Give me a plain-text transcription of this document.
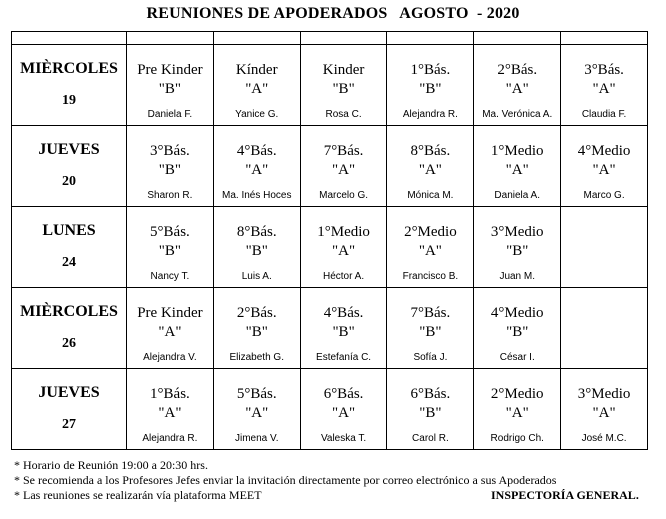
REUNIONES DE APODERADOS   AGOSTO  - 2020

MIÈRCOLES
19	Pre Kinder
"B"
Daniela F.	Kínder
"A"
Yanice G.	Kinder
"B"
Rosa C.	1°Bás.
"B"
Alejandra R.	2°Bás.
"A"
Ma. Verónica A.	3°Bás.
"A"
Claudia F.

JUEVES
20	3°Bás.
"B"
Sharon R.	4°Bás.
"A"
Ma. Inés Hoces	7°Bás.
"A"
Marcelo G.	8°Bás.
"A"
Mónica M.	1°Medio
"A"
Daniela A.	4°Medio
"A"
Marco G.

LUNES
24	5°Bás.
"B"
Nancy T.	8°Bás.
"B"
Luis A.	1°Medio
"A"
Héctor A.	2°Medio
"A"
Francisco B.	3°Medio
"B"
Juan M.	

MIÈRCOLES
26	Pre Kinder
"A"
Alejandra V.	2°Bás.
"B"
Elizabeth G.	4°Bás.
"B"
Estefanía C.	7°Bás.
"B"
Sofía J.	4°Medio
"B"
César I.	

JUEVES
27	1°Bás.
"A"
Alejandra R.	5°Bás.
"A"
Jimena V.	6°Bás.
"A"
Valeska T.	6°Bás.
"B"
Carol R.	2°Medio
"A"
Rodrigo Ch.	3°Medio
"A"
José M.C.
* Horario de Reunión 19:00 a 20:30 hrs.
* Se recomienda a los Profesores Jefes enviar la invitación directamente por correo electrónico a sus Apoderados
* Las reuniones se realizarán vía plataforma MEET	INSPECTORÍA GENERAL.
